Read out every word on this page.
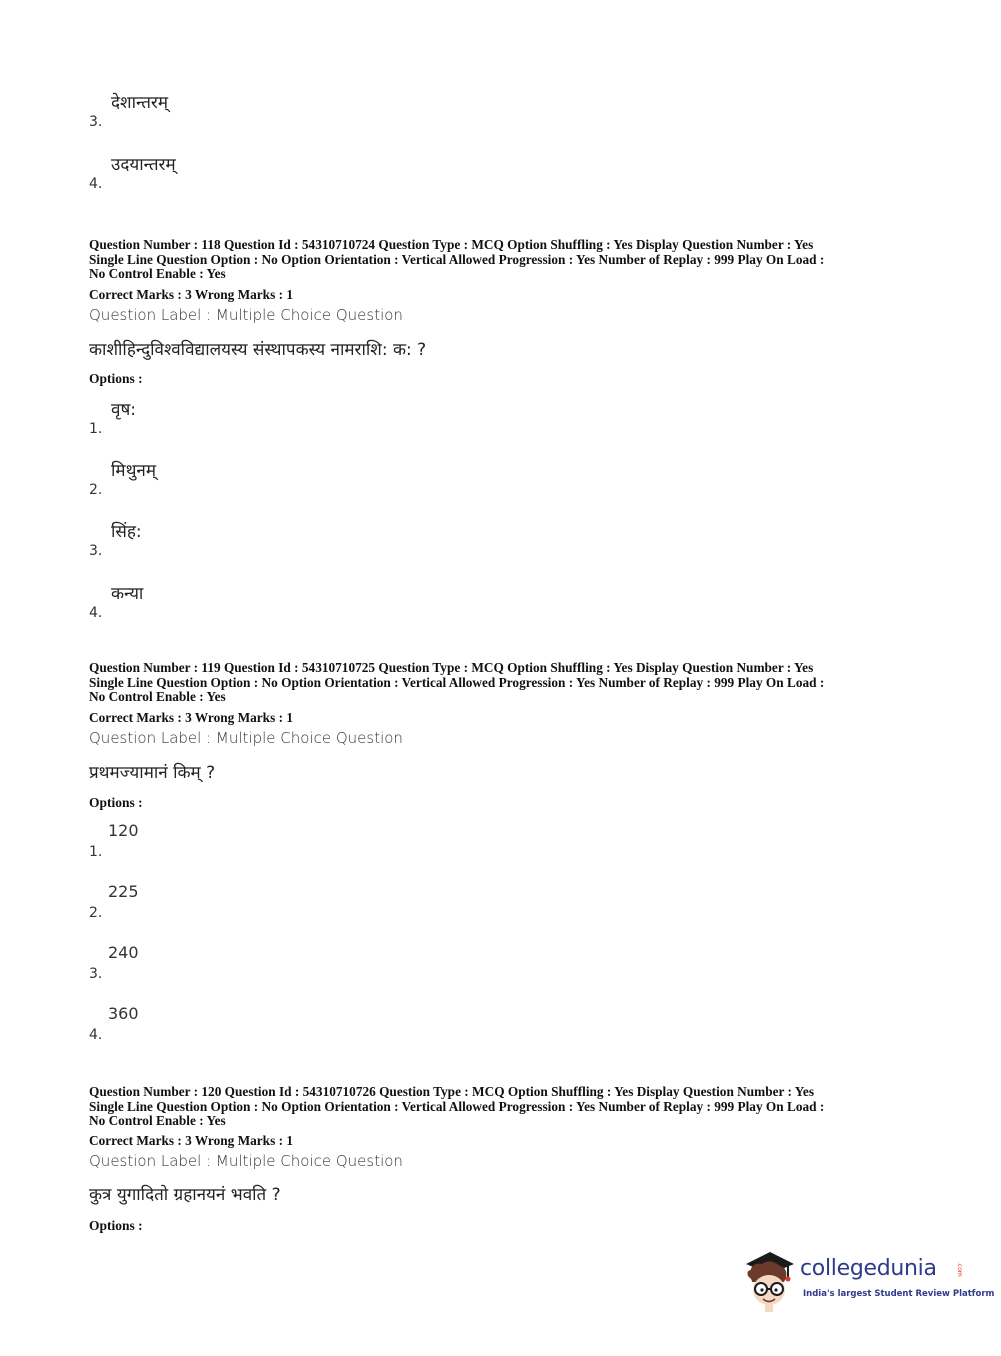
देशान्तरम्
3.
उदयान्तरम्
4.
Question Number : 118 Question Id : 54310710724 Question Type : MCQ Option Shuffling : Yes Display Question Number : Yes
Single Line Question Option : No Option Orientation : Vertical Allowed Progression : Yes Number of Replay : 999 Play On Load :
No Control Enable : Yes
Correct Marks : 3 Wrong Marks : 1
Question Label : Multiple Choice Question
काशीहिन्दुविश्वविद्यालयस्य संस्थापकस्य नामराशि: क: ?
Options :
वृष:
1.
मिथुनम्
2.
सिंह:
3.
कन्या
4.
Question Number : 119 Question Id : 54310710725 Question Type : MCQ Option Shuffling : Yes Display Question Number : Yes
Single Line Question Option : No Option Orientation : Vertical Allowed Progression : Yes Number of Replay : 999 Play On Load :
No Control Enable : Yes
Correct Marks : 3 Wrong Marks : 1
Question Label : Multiple Choice Question
प्रथमज्यामानं किम् ?
Options :
120
1.
225
2.
240
3.
360
4.
Question Number : 120 Question Id : 54310710726 Question Type : MCQ Option Shuffling : Yes Display Question Number : Yes
Single Line Question Option : No Option Orientation : Vertical Allowed Progression : Yes Number of Replay : 999 Play On Load :
No Control Enable : Yes
Correct Marks : 3 Wrong Marks : 1
Question Label : Multiple Choice Question
कुत्र युगादितो ग्रहानयनं भवति ?
Options :
collegedunia	.com
India's largest Student Review Platform
